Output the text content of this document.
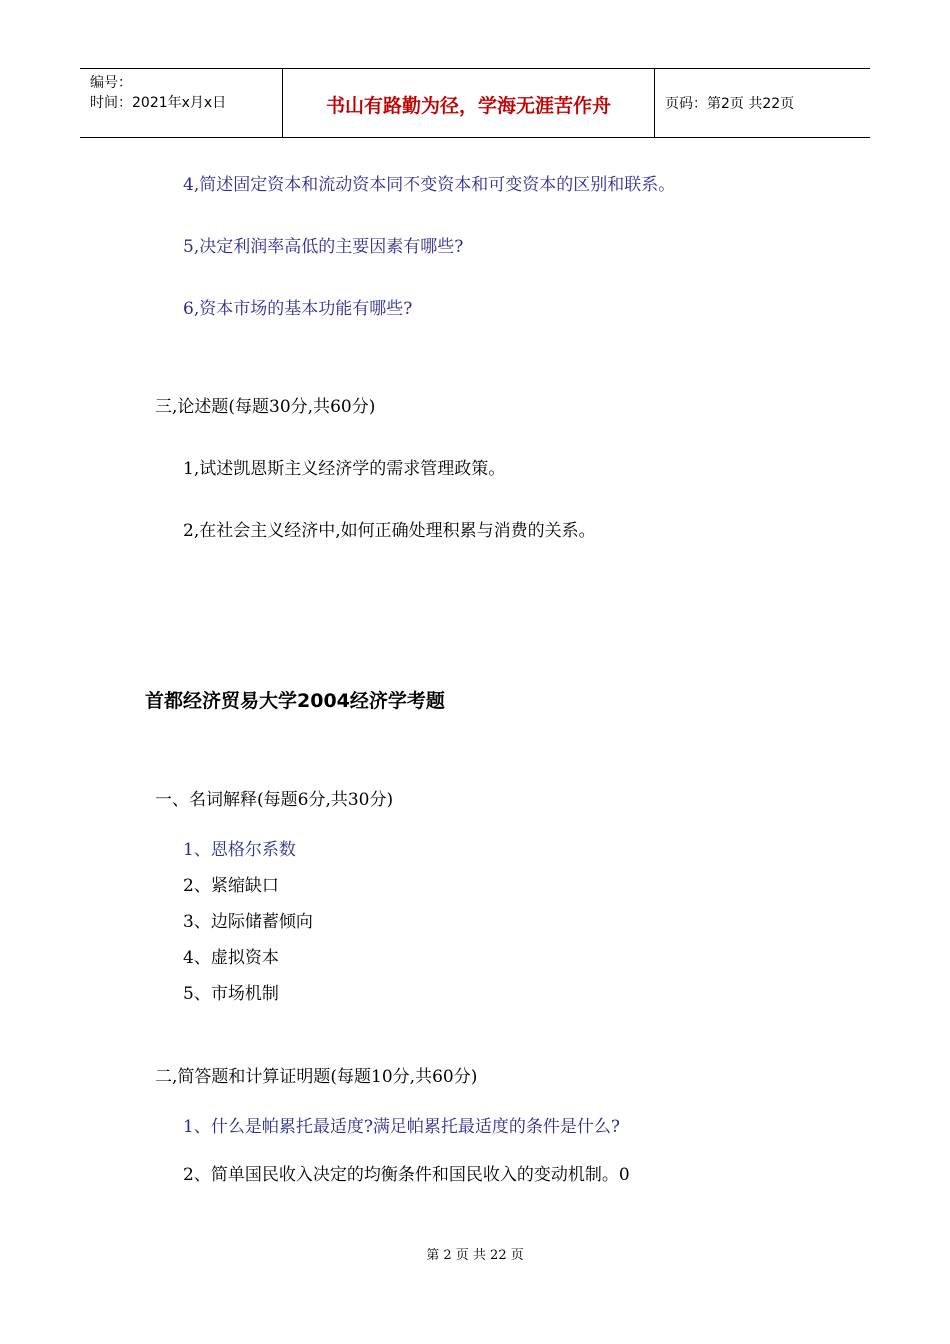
编号：
时间：2021年x月x日	书山有路勤为径，学海无涯苦作舟	页码：第2页 共22页
4,简述固定资本和流动资本同不变资本和可变资本的区别和联系。
5,决定利润率高低的主要因素有哪些?
6,资本市场的基本功能有哪些?
三,论述题(每题30分,共60分)
1,试述凯恩斯主义经济学的需求管理政策。
2,在社会主义经济中,如何正确处理积累与消费的关系。
首都经济贸易大学2004经济学考题
一、名词解释(每题6分,共30分)
1、恩格尔系数
2、紧缩缺口
3、边际储蓄倾向
4、虚拟资本
5、市场机制
二,简答题和计算证明题(每题10分,共60分)
1、什么是帕累托最适度?满足帕累托最适度的条件是什么?
2、简单国民收入决定的均衡条件和国民收入的变动机制。0
第 2 页 共 22 页
